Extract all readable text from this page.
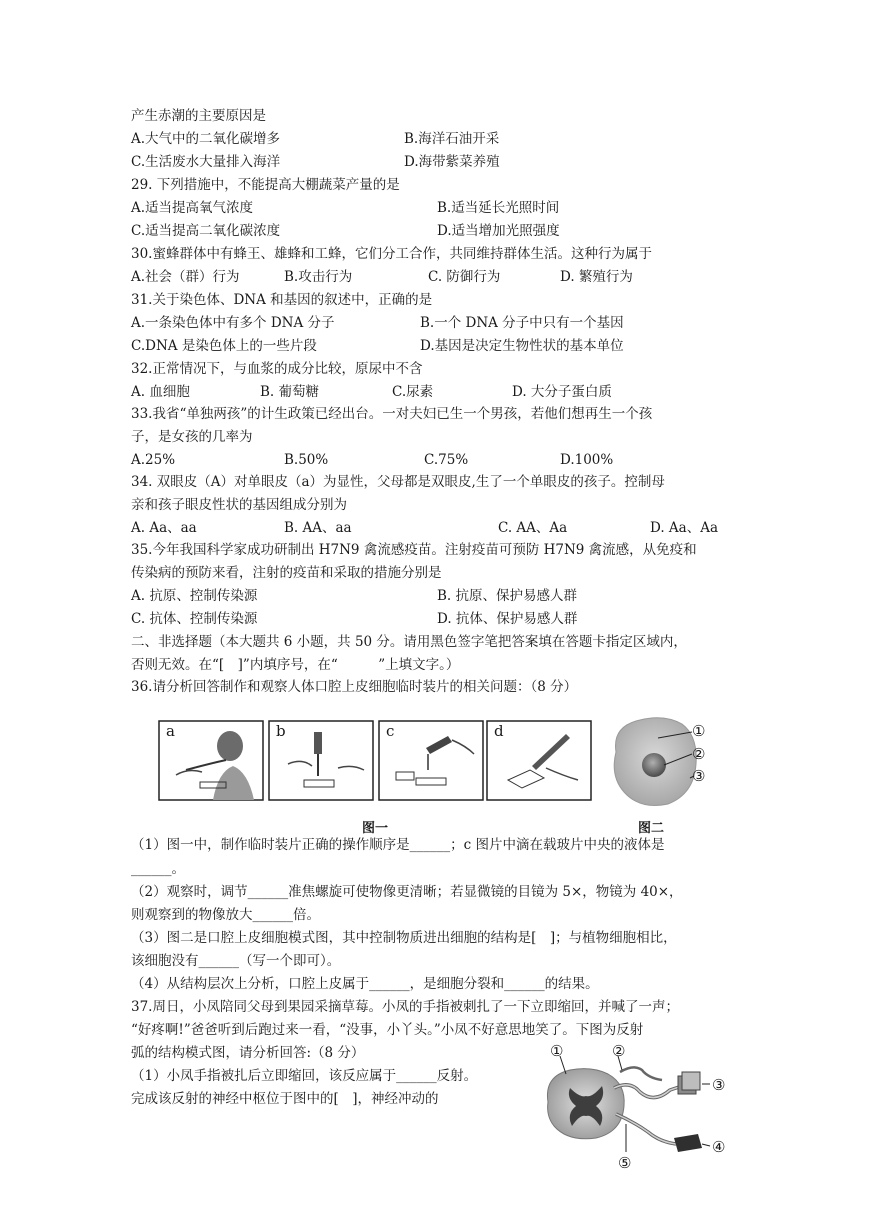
产生赤潮的主要原因是
A.大气中的二氧化碳增多	B.海洋石油开采
C.生活废水大量排入海洋	D.海带紫菜养殖
29. 下列措施中，不能提高大棚蔬菜产量的是
A.适当提高氧气浓度	B.适当延长光照时间
C.适当提高二氧化碳浓度	D.适当增加光照强度
30.蜜蜂群体中有蜂王、雄蜂和工蜂，它们分工合作，共同维持群体生活。这种行为属于
A.社会（群）行为	B.攻击行为	C. 防御行为	D. 繁殖行为
31.关于染色体、DNA 和基因的叙述中，正确的是
A.一条染色体中有多个 DNA 分子	B.一个 DNA 分子中只有一个基因
C.DNA 是染色体上的一些片段	D.基因是决定生物性状的基本单位
32.正常情况下，与血浆的成分比较，原尿中不含
A. 血细胞	B. 葡萄糖	C.尿素	D. 大分子蛋白质
33.我省“单独两孩”的计生政策已经出台。一对夫妇已生一个男孩，若他们想再生一个孩
子，是女孩的几率为
A.25%	B.50%	C.75%	D.100%
34. 双眼皮（A）对单眼皮（a）为显性，父母都是双眼皮,生了一个单眼皮的孩子。控制母
亲和孩子眼皮性状的基因组成分别为
A. Aa、aa	B. AA、aa	C. AA、Aa	D. Aa、Aa
35.今年我国科学家成功研制出 H7N9 禽流感疫苗。注射疫苗可预防 H7N9 禽流感，从免疫和
传染病的预防来看，注射的疫苗和采取的措施分别是
A. 抗原、控制传染源	B. 抗原、保护易感人群
C. 抗体、控制传染源	D. 抗体、保护易感人群
二、非选择题（本大题共 6 小题，共 50 分。请用黑色签字笔把答案填在答题卡指定区域内，
否则无效。在“[　]”内填序号，在“　　　”上填文字。）
36.请分析回答制作和观察人体口腔上皮细胞临时装片的相关问题：（8 分）
a	b	c	d	①
②
③
图一	图二
（1）图一中，制作临时装片正确的操作顺序是______；c 图片中滴在载玻片中央的液体是
______。
（2）观察时，调节______准焦螺旋可使物像更清晰；若显微镜的目镜为 5×，物镜为 40×，
则观察到的物像放大______倍。
（3）图二是口腔上皮细胞模式图，其中控制物质进出细胞的结构是[　]；与植物细胞相比，
该细胞没有______（写一个即可）。
（4）从结构层次上分析，口腔上皮属于______，是细胞分裂和______的结果。
37.周日，小凤陪同父母到果园采摘草莓。小凤的手指被刺扎了一下立即缩回，并喊了一声；
“好疼啊!”爸爸听到后跑过来一看，“没事，小丫头。”小凤不好意思地笑了。下图为反射
弧的结构模式图，请分析回答:（8 分）
（1）小凤手指被扎后立即缩回，该反应属于______反射。
完成该反射的神经中枢位于图中的[　]，神经冲动的
①	②
③
④
⑤
